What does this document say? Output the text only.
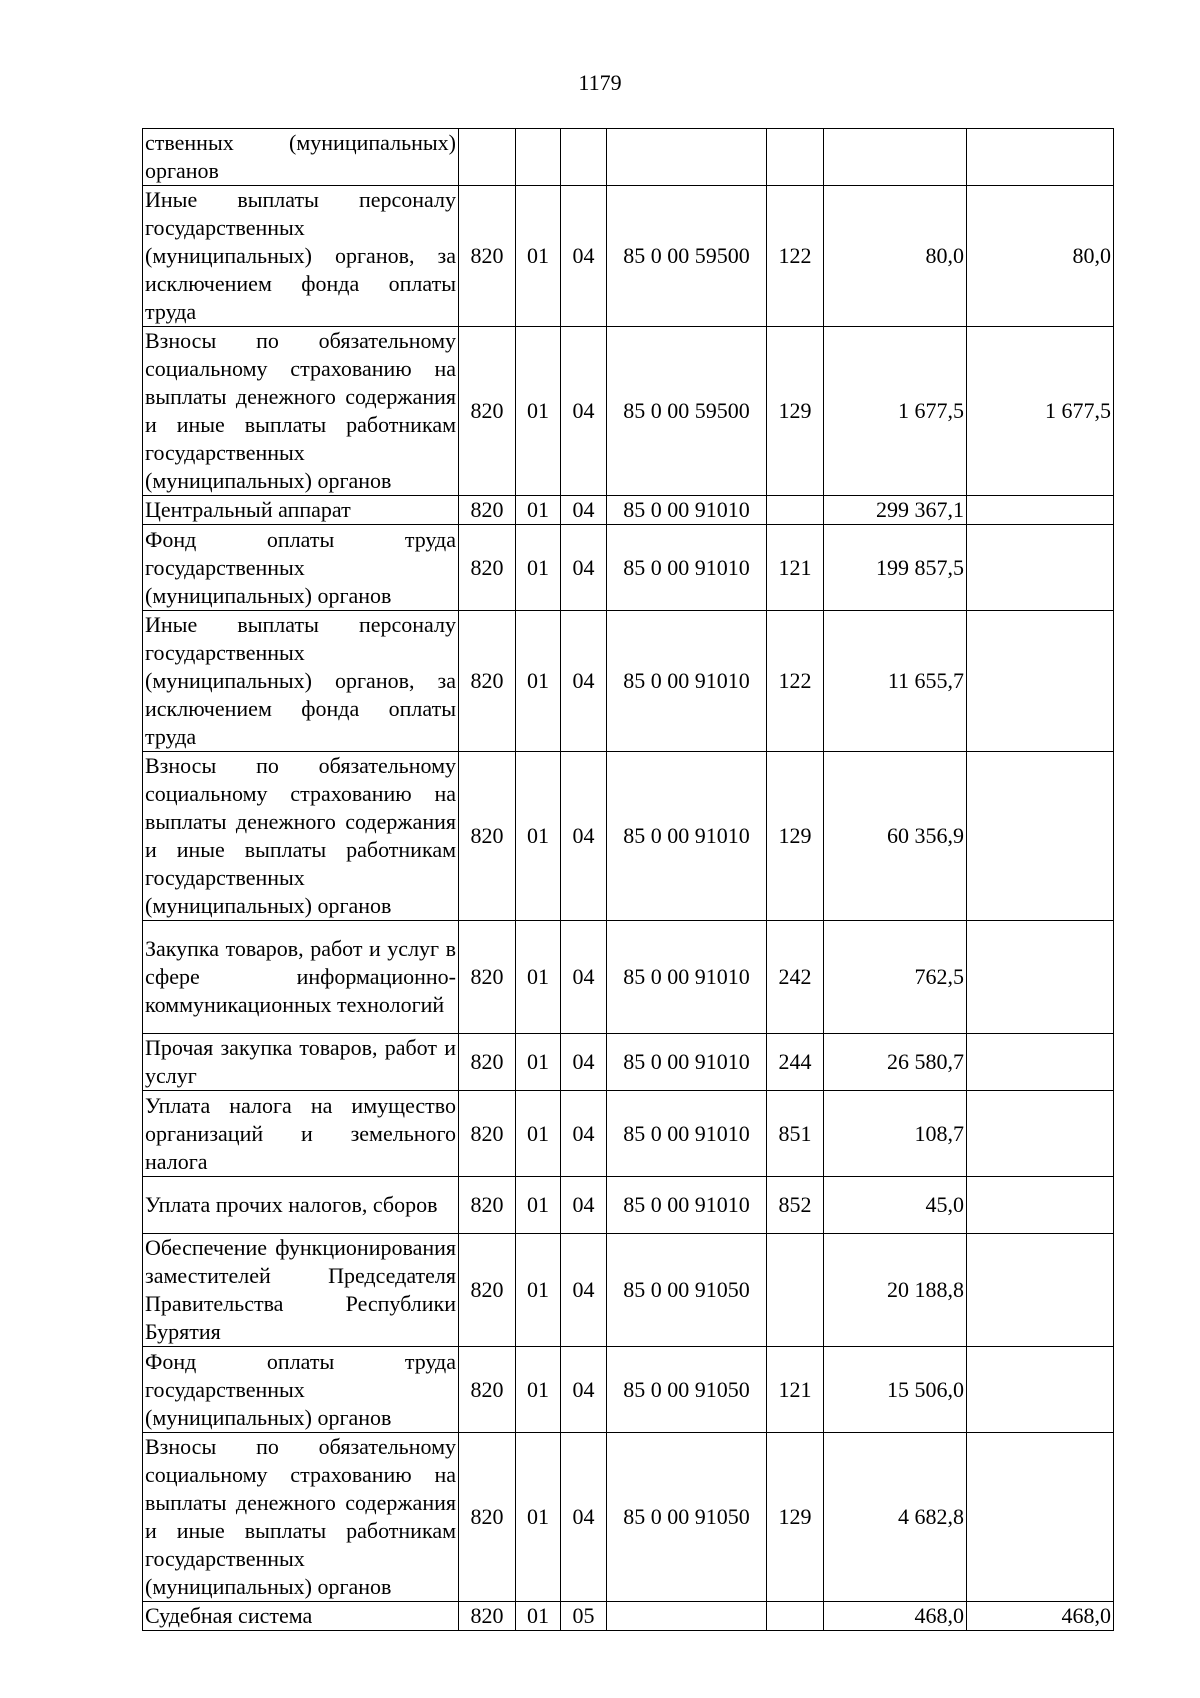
1179
ственных (муниципальных) органов							
Иные выплаты персоналу государственных (муниципальных) органов, за исключением фонда оплаты труда	820	01	04	85 0 00 59500	122	80,0	80,0
Взносы по обязательному социальному страхованию на выплаты денежного содержания и иные выплаты работникам государственных (муниципальных) органов	820	01	04	85 0 00 59500	129	1 677,5	1 677,5
Центральный аппарат	820	01	04	85 0 00 91010		299 367,1	
Фонд оплаты труда государственных (муниципальных) органов	820	01	04	85 0 00 91010	121	199 857,5	
Иные выплаты персоналу государственных (муниципальных) органов, за исключением фонда оплаты труда	820	01	04	85 0 00 91010	122	11 655,7	
Взносы по обязательному социальному страхованию на выплаты денежного содержания и иные выплаты работникам государственных (муниципальных) органов	820	01	04	85 0 00 91010	129	60 356,9	
Закупка товаров, работ и услуг в сфере информационно-коммуникационных технологий	820	01	04	85 0 00 91010	242	762,5	
Прочая закупка товаров, работ и услуг	820	01	04	85 0 00 91010	244	26 580,7	
Уплата налога на имущество организаций и земельного налога	820	01	04	85 0 00 91010	851	108,7	
Уплата прочих налогов, сборов	820	01	04	85 0 00 91010	852	45,0	
Обеспечение функционирования заместителей Председателя Правительства Республики Бурятия	820	01	04	85 0 00 91050		20 188,8	
Фонд оплаты труда государственных (муниципальных) органов	820	01	04	85 0 00 91050	121	15 506,0	
Взносы по обязательному социальному страхованию на выплаты денежного содержания и иные выплаты работникам государственных (муниципальных) органов	820	01	04	85 0 00 91050	129	4 682,8	
Судебная система	820	01	05			468,0	468,0
